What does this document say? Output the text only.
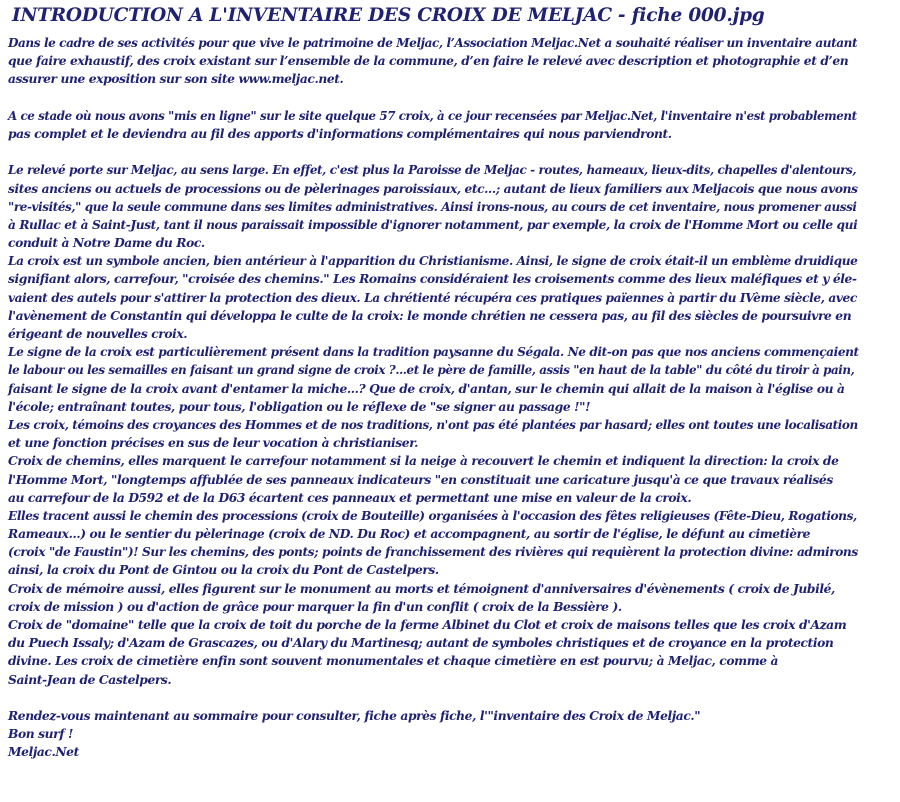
INTRODUCTION A L'INVENTAIRE DES CROIX DE MELJAC - fiche 000.jpg
Dans le cadre de ses activités pour que vive le patrimoine de Meljac, l’Association Meljac.Net a souhaité réaliser un inventaire autant
que faire exhaustif, des croix existant sur l’ensemble de la commune, d’en faire le relevé avec description et photographie et d’en
assurer une exposition sur son site www.meljac.net.
A ce stade où nous avons "mis en ligne" sur le site quelque 57 croix, à ce jour recensées par Meljac.Net, l'inventaire n'est probablement
pas complet et le deviendra au fil des apports d'informations complémentaires qui nous parviendront.
Le relevé porte sur Meljac, au sens large. En effet, c'est plus la Paroisse de Meljac - routes, hameaux, lieux-dits, chapelles d'alentours,
sites anciens ou actuels de processions ou de pèlerinages paroissiaux, etc...; autant de lieux familiers aux Meljacois que nous avons
"re-visités," que la seule commune dans ses limites administratives. Ainsi irons-nous, au cours de cet inventaire, nous promener aussi
à Rullac et à Saint-Just, tant il nous paraissait impossible d'ignorer notamment, par exemple, la croix de l'Homme Mort ou celle qui
conduit à Notre Dame du Roc.
La croix est un symbole ancien, bien antérieur à l'apparition du Christianisme. Ainsi, le signe de croix était-il un emblème druidique
signifiant alors, carrefour, "croisée des chemins." Les Romains considéraient les croisements comme des lieux maléfiques et y éle-
vaient des autels pour s'attirer la protection des dieux. La chrétienté récupéra ces pratiques païennes à partir du IVème siècle, avec
l'avènement de Constantin qui développa le culte de la croix: le monde chrétien ne cessera pas, au fil des siècles de poursuivre en
érigeant de nouvelles croix.
Le signe de la croix est particulièrement présent dans la tradition paysanne du Ségala. Ne dit-on pas que nos anciens commençaient
le labour ou les semailles en faisant un grand signe de croix ?...et le père de famille, assis "en haut de la table" du côté du tiroir à pain,
faisant le signe de la croix avant d'entamer la miche...? Que de croix, d'antan, sur le chemin qui allait de la maison à l'église ou à
l'école; entraînant toutes, pour tous, l'obligation ou le réflexe de "se signer au passage !"!
Les croix, témoins des croyances des Hommes et de nos traditions, n'ont pas été plantées par hasard; elles ont toutes une localisation
et une fonction précises en sus de leur vocation à christianiser.
Croix de chemins, elles marquent le carrefour notamment si la neige à recouvert le chemin et indiquent la direction: la croix de
l'Homme Mort, "longtemps affublée de ses panneaux indicateurs "en constituait une caricature jusqu'à ce que travaux réalisés
au carrefour de la D592 et de la D63 écartent ces panneaux et permettant une mise en valeur de la croix.
Elles tracent aussi le chemin des processions (croix de Bouteille) organisées à l'occasion des fêtes religieuses (Fête-Dieu, Rogations,
Rameaux...) ou le sentier du pèlerinage (croix de ND. Du Roc) et accompagnent, au sortir de l'église, le défunt au cimetière
(croix "de Faustin")! Sur les chemins, des ponts; points de franchissement des rivières qui requièrent la protection divine: admirons
ainsi, la croix du Pont de Gintou ou la croix du Pont de Castelpers.
Croix de mémoire aussi, elles figurent sur le monument au morts et témoignent d'anniversaires d'évènements ( croix de Jubilé,
croix de mission ) ou d'action de grâce pour marquer la fin d'un conflit ( croix de la Bessière ).
Croix de "domaine" telle que la croix de toit du porche de la ferme Albinet du Clot et croix de maisons telles que les croix d'Azam
du Puech Issaly; d'Azam de Grascazes, ou d'Alary du Martinesq; autant de symboles christiques et de croyance en la protection
divine. Les croix de cimetière enfin sont souvent monumentales et chaque cimetière en est pourvu; à Meljac, comme à
Saint-Jean de Castelpers.
Rendez-vous maintenant au sommaire pour consulter, fiche après fiche, l'"inventaire des Croix de Meljac."
Bon surf !
Meljac.Net
